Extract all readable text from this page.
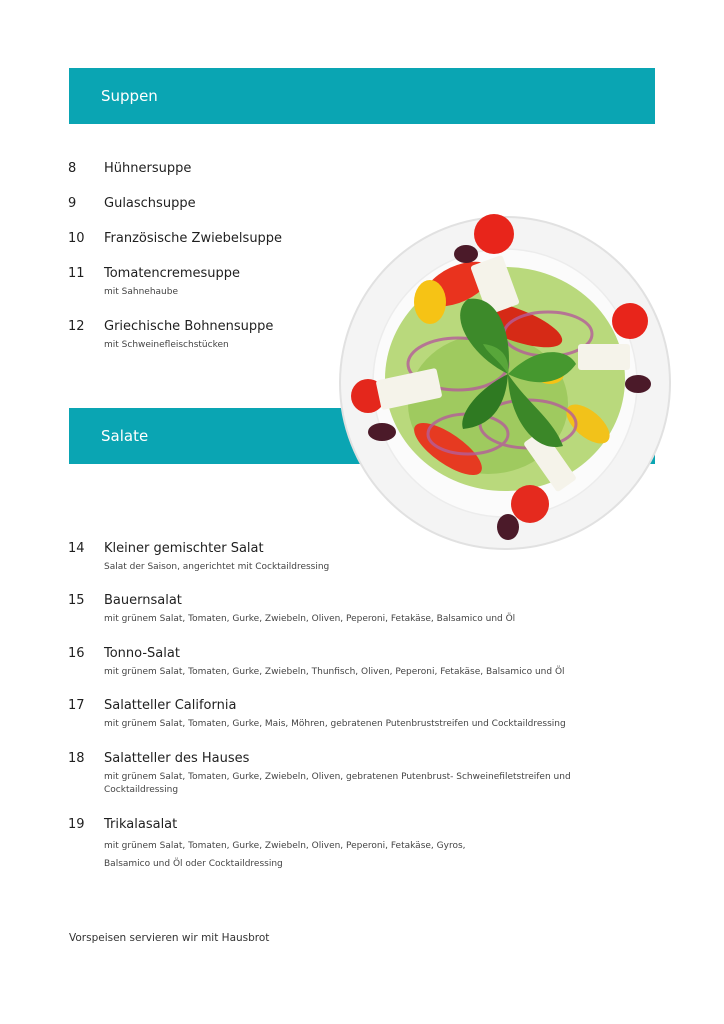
Suppen
8 Hühnersuppe
9 Gulaschsuppe
10 Französische Zwiebelsuppe
11 Tomatencremesuppe
mit Sahnehaube
12 Griechische Bohnensuppe
mit Schweinefleischstücken
Salate
14 Kleiner gemischter Salat
Salat der Saison, angerichtet mit Cocktaildressing
15 Bauernsalat
mit grünem Salat, Tomaten, Gurke, Zwiebeln, Oliven, Peperoni, Fetakäse, Balsamico und Öl
16 Tonno-Salat
mit grünem Salat, Tomaten, Gurke, Zwiebeln, Thunfisch, Oliven, Peperoni, Fetakäse, Balsamico und Öl
17 Salatteller California
mit grünem Salat, Tomaten, Gurke, Mais, Möhren, gebratenen Putenbruststreifen und Cocktaildressing
18 Salatteller des Hauses
mit grünem Salat, Tomaten, Gurke, Zwiebeln, Oliven, gebratenen Putenbrust- Schweinefiletstreifen und Cocktaildressing
19 Trikalasalat
mit grünem Salat, Tomaten, Gurke, Zwiebeln, Oliven, Peperoni, Fetakäse, Gyros, Balsamico und Öl oder Cocktaildressing
Vorspeisen servieren wir mit Hausbrot
